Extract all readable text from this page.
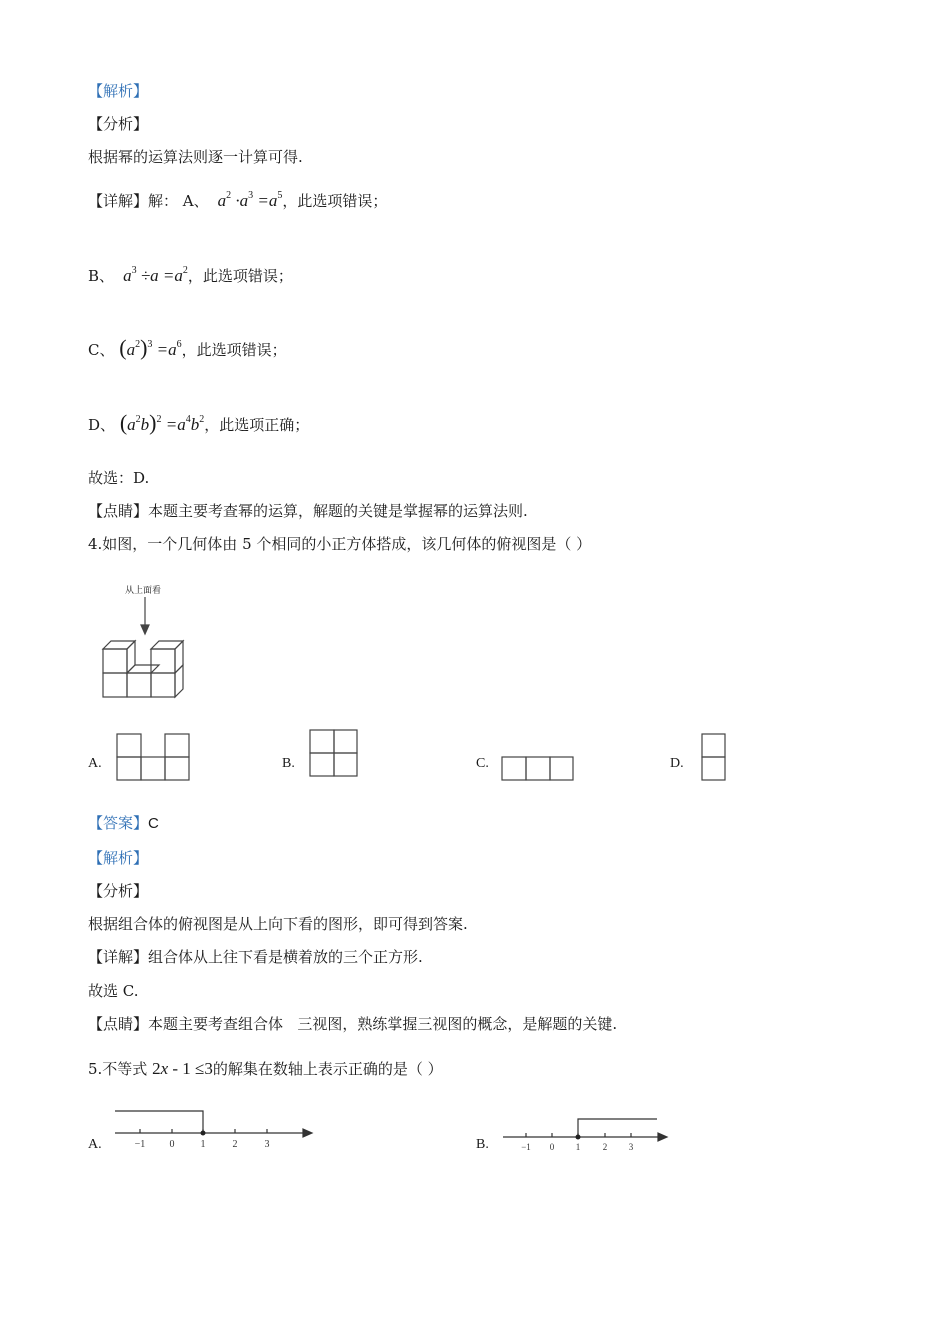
【解析】
【分析】
根据幂的运算法则逐一计算可得.
【详解】解： A、  $a^2 \cdot a^3 =a^5$，此选项错误；
B、  $a^3 \div a =a^2$，此选项错误；
C、 $(a^2)^3 =a^6$，此选项错误；
D、 $(a^2b)^2 =a^4b^2$，此选项正确；
故选：D.
【点睛】本题主要考查幂的运算，解题的关键是掌握幂的运算法则.
4.如图，一个几何体由 5 个相同的小正方体搭成，该几何体的俯视图是（ ）
从上面看
A.	B.	C.	D.
【答案】C
【解析】
【分析】
根据组合体的俯视图是从上向下看的图形，即可得到答案.
【详解】组合体从上往下看是横着放的三个正方形.
故选 C.
【点睛】本题主要考查组合体   三视图，熟练掌握三视图的概念，是解题的关键.
5.不等式 2x - 1 ≤3的解集在数轴上表示正确的是（ ）
A.	−1 0	1	2	3	B.	−1 0 1	2 3
